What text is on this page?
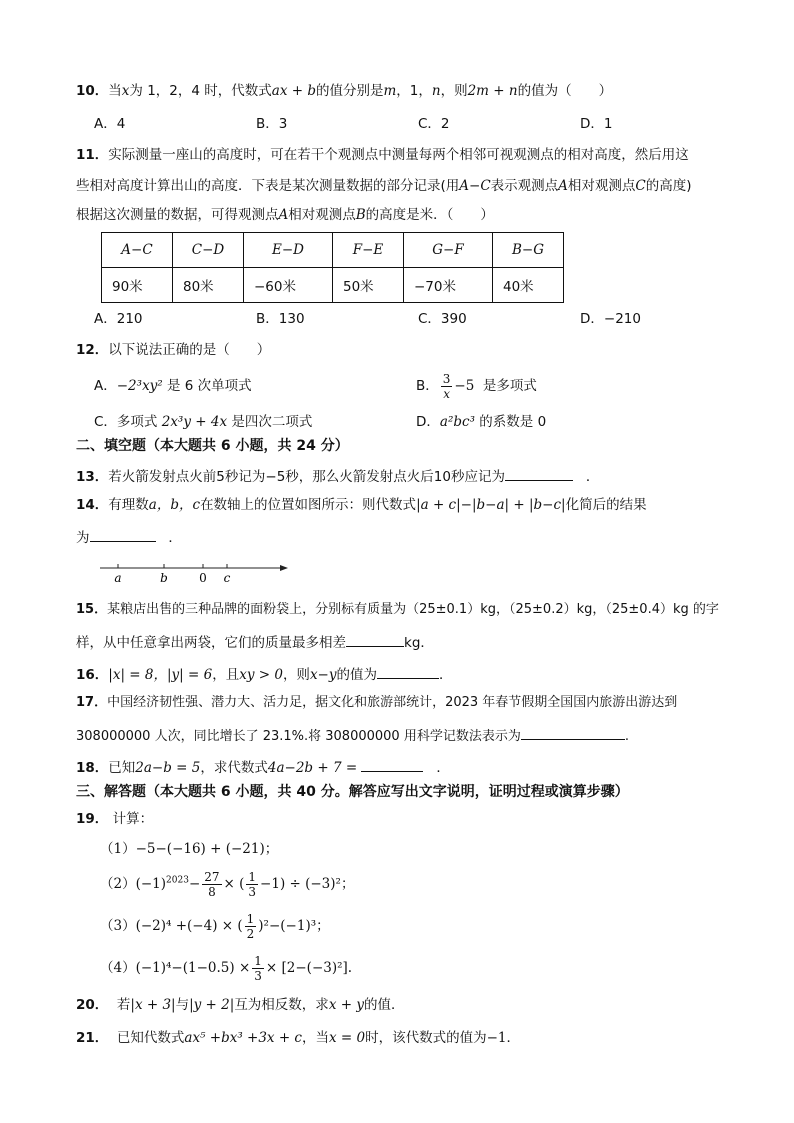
10．当x为 1，2，4 时，代数式ax + b的值分别是m，1，n，则2m + n的值为（　　）
A．4	B．3	C．2	D．1
11．实际测量一座山的高度时，可在若干个观测点中测量每两个相邻可视观测点的相对高度，然后用这
些相对高度计算出山的高度．下表是某次测量数据的部分记录(用A−C表示观测点A相对观测点C的高度)
根据这次测量的数据，可得观测点A相对观测点B的高度是米．（　　）
A−C	C−D	E−D	F−E	G−F	B−G
90米	80米	−60米	50米	−70米	40米
A．210	B．130	C．390	D．−210
12．以下说法正确的是（　　）
A．−2³xy² 是 6 次单项式	B． $\frac{3}{x} -5$ 是多项式
C．多项式 2x³y + 4x 是四次二项式	D．a²bc³ 的系数是 0
二、填空题（本大题共 6 小题，共 24 分）
13．若火箭发射点火前5秒记为−5秒，那么火箭发射点火后10秒应记为	．
14．有理数a，b，c在数轴上的位置如图所示：则代数式|a + c|−|b−a| + |b−c|化简后的结果
为	．
a	b	0 c
15．某粮店出售的三种品牌的面粉袋上，分别标有质量为（25±0.1）kg，（25±0.2）kg，（25±0.4）kg 的字
样，从中任意拿出两袋，它们的质量最多相差	kg．
16．|x| = 8，|y| = 6，且xy > 0，则x−y的值为	．
17．中国经济韧性强、潜力大、活力足，据文化和旅游部统计，2023 年春节假期全国国内旅游出游达到
308000000 人次，同比增长了 23.1%.将 308000000 用科学记数法表示为	.
18．已知2a−b = 5，求代数式4a−2b + 7 =	．
三、解答题（本大题共 6 小题，共 40 分。解答应写出文字说明，证明过程或演算步骤）
19． 计算：
（1）−5−(−16) + (−21)；
$(2)(-1)^{2023}- \frac{27}{8}$ × ( $\frac{1}{3} -1) \div (-3)^2$；
（3）(−2)⁴ +(−4) × ( $\frac{1}{2} )^2-(-1)^3$；
$(4)(-1)^4-(1-0.5) \times \frac{1}{3} \times [2-(-3)^2]$.
20． 若|x + 3|与|y + 2|互为相反数，求x + y的值．
21． 已知代数式ax⁵ +bx³ +3x + c，当x = 0时，该代数式的值为−1．
